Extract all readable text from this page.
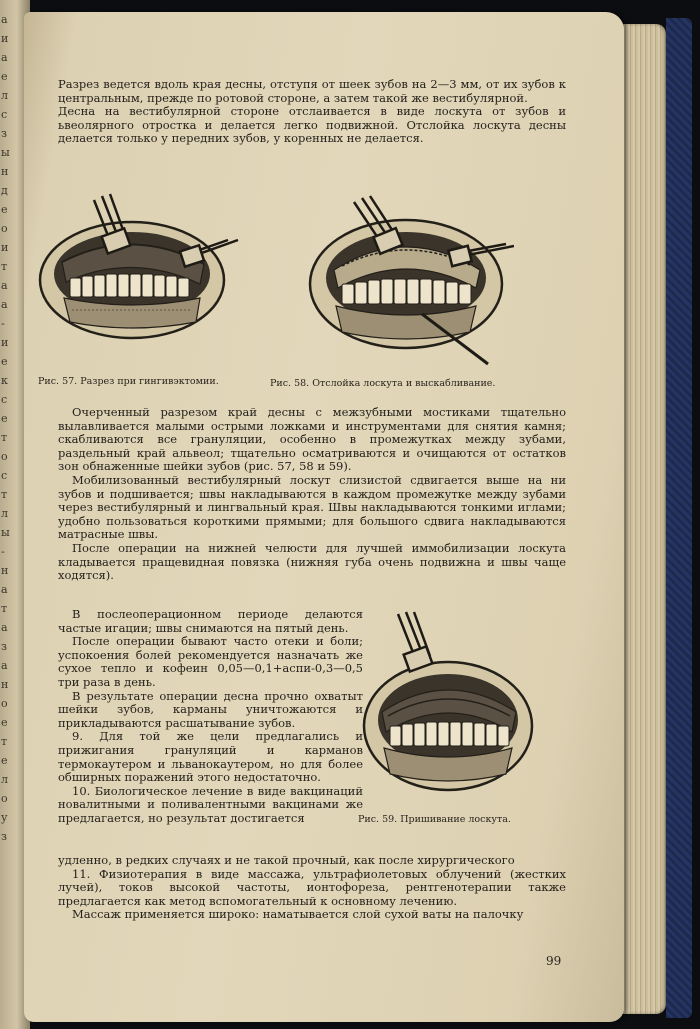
а
и
а
е
л
с
з
ы
н
д
е
о
и
т
а
а
-
и
е
к
с
е
т
о
с
т
л
ы
-
н
а
т
а
з
а
н
о
е
т
е
л
о
у
з

Разрез ведется вдоль края десны, отступя от шеек зубов на 2—3 мм, от их зубов к центральным, прежде по ротовой стороне, а затем такой же вестибулярной.

Десна на вестибулярной стороне отслаивается в виде лоскута от зубов и ьвеолярного отростка и делается легко подвижной. Отслойка лоскута десны делается только у передних зубов, у коренных не делается.

Рис. 57. Разрез при гингивэктомии.	Рис. 58. Отслойка лоскута и выскабливание.

Очерченный разрезом край десны с межзубными мостиками тщательно вылавливается малыми острыми ложками и инструментами для снятия камня; скабливаются все грануляции, особенно в промежутках между зубами, раздельный край альвеол; тщательно осматриваются и очищаются от остатков зон обнаженные шейки зубов (рис. 57, 58 и 59).

Мобилизованный вестибулярный лоскут слизистой сдвигается выше на ни зубов и подшивается; швы накладываются в каждом промежутке между зубами через вестибулярный и лингвальный края. Швы накладываются тонкими иглами; удобно пользоваться короткими прямыми; для большого сдвига накладываются матрасные швы.

После операции на нижней челюсти для лучшей иммобилизации лоскута кладывается пращевидная повязка (нижняя губа очень подвижна и швы чаще ходятся).

В послеоперационном периоде делаются частые игации; швы снимаются на пятый день.

После операции бывают часто отеки и боли; успокоения болей рекомендуется назначать же сухое тепло и кофеин 0,05—0,1+аспи-0,3—0,5 три раза в день.

В результате операции десна прочно охватыт шейки зубов, карманы уничтожаются и прикладываются расшатывание зубов.

9. Для той же цели предлагались и прижигания грануляций и карманов термокаутером и льванокаутером, но для более обширных поражений этого недостаточно.

10. Биологическое лечение в виде вакцинаций новалитными и поливалентными вакцинами же предлагается, но результат достигается	Рис. 59. Пришивание лоскута.

удленно, в редких случаях и не такой прочный, как после хирургического

11. Физиотерапия в виде массажа, ультрафиолетовых облучений (жестких лучей), токов высокой частоты, ионтофореза, рентгенотерапии также предлагается как метод вспомогательный к основному лечению.

Массаж применяется широко: наматывается слой сухой ваты на палочку

99
